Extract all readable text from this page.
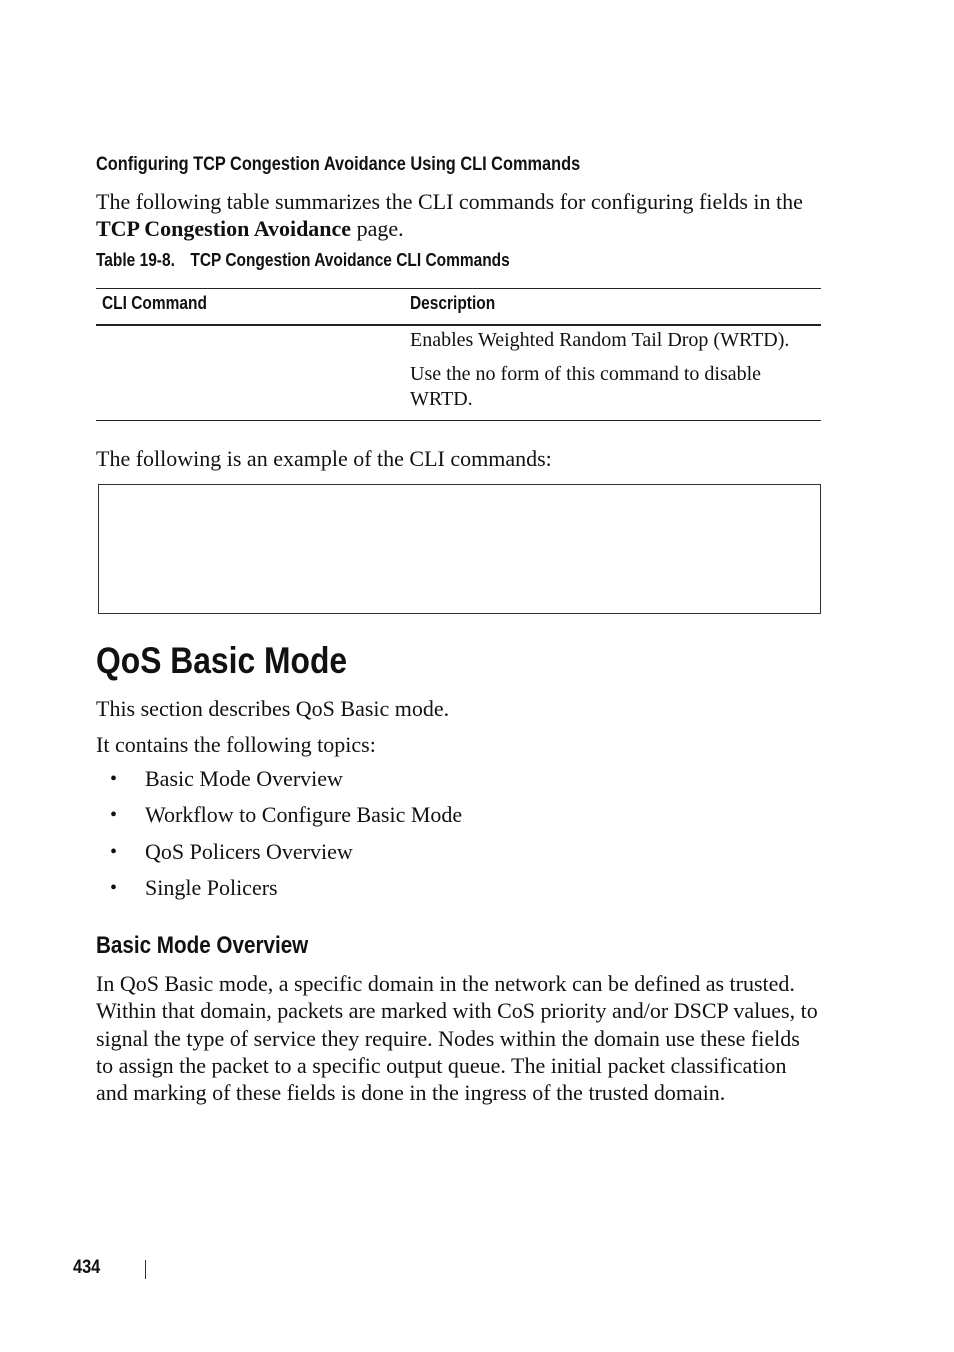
Configuring TCP Congestion Avoidance Using CLI Commands
The following table summarizes the CLI commands for configuring fields in the TCP Congestion Avoidance page.
Table 19-8. TCP Congestion Avoidance CLI Commands
CLI Command	Description
Enables Weighted Random Tail Drop (WRTD).
Use the no form of this command to disable WRTD.
The following is an example of the CLI commands:
QoS Basic Mode
This section describes QoS Basic mode.
It contains the following topics:
• Basic Mode Overview
• Workflow to Configure Basic Mode
• QoS Policers Overview
• Single Policers
Basic Mode Overview
In QoS Basic mode, a specific domain in the network can be defined as trusted. Within that domain, packets are marked with CoS priority and/or DSCP values, to signal the type of service they require. Nodes within the domain use these fields to assign the packet to a specific output queue. The initial packet classification and marking of these fields is done in the ingress of the trusted domain.
434
